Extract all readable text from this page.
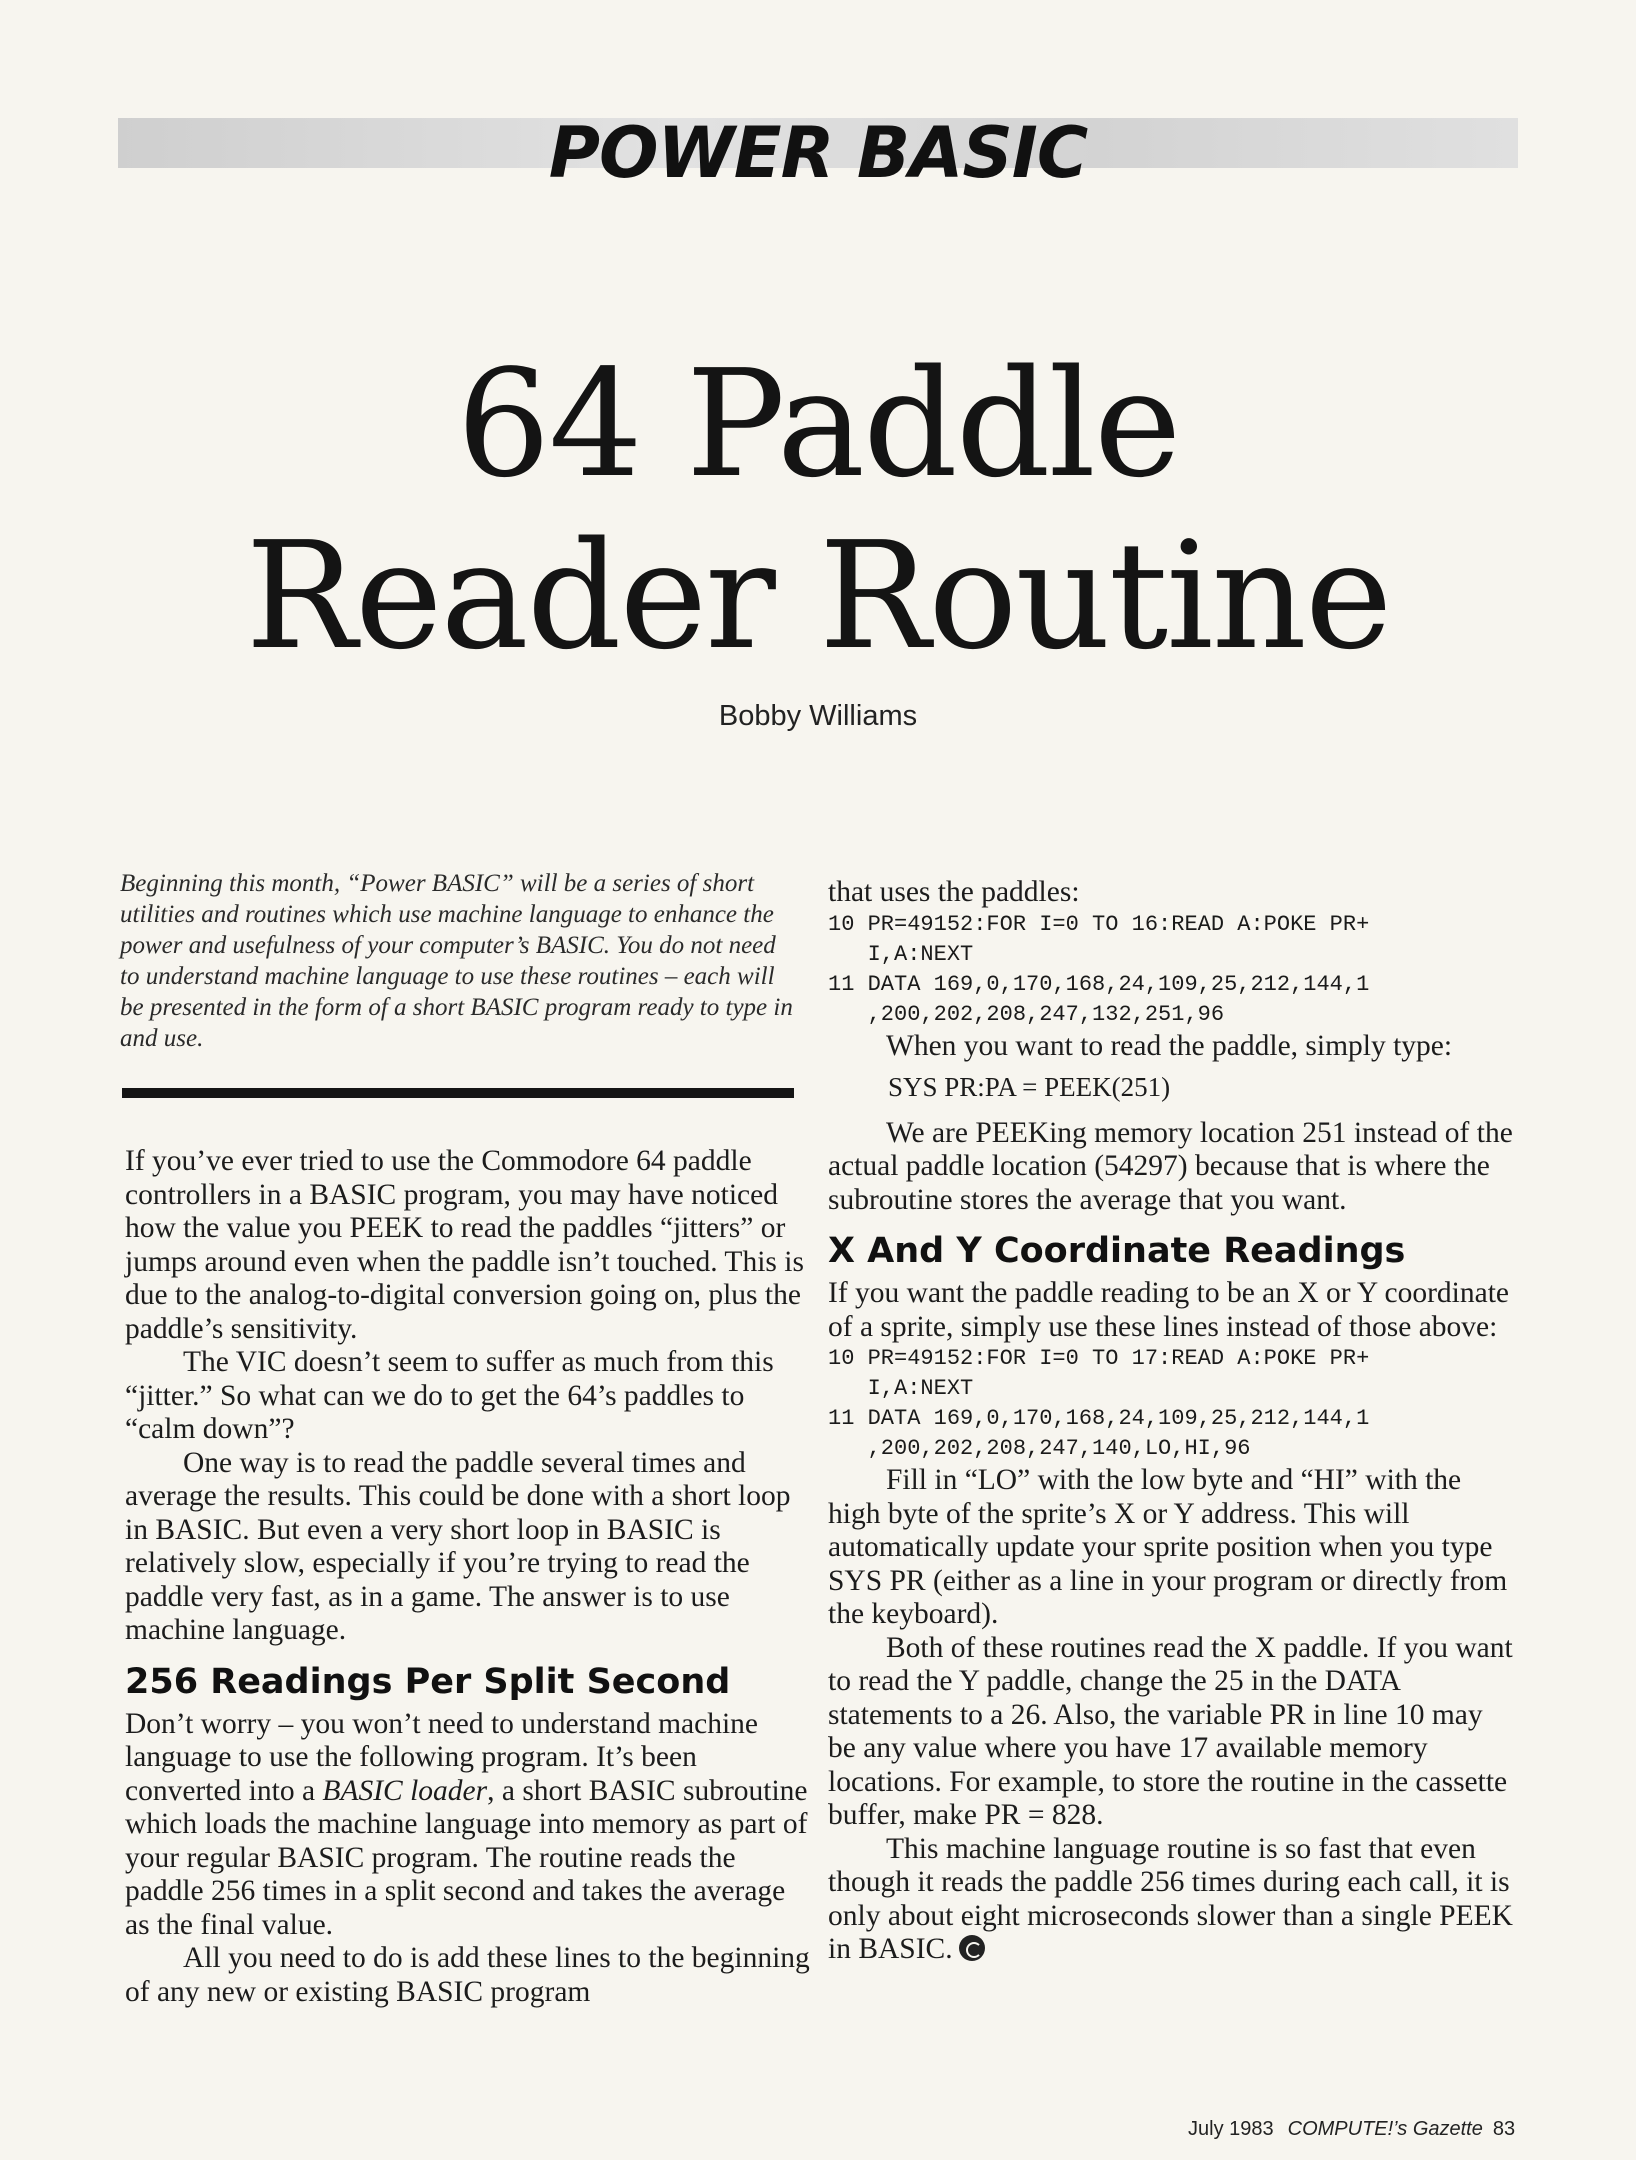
POWER BASIC
64 Paddle
Reader Routine
Bobby Williams
Beginning this month, “Power BASIC” will be a series of short utilities and routines which use machine language to enhance the power and usefulness of your computer’s BASIC. You do not need to understand machine language to use these routines – each will be presented in the form of a short BASIC program ready to type in and use.

If you’ve ever tried to use the Commodore 64 paddle controllers in a BASIC program, you may have noticed how the value you PEEK to read the paddles “jitters” or jumps around even when the paddle isn’t touched. This is due to the analog-to-digital conversion going on, plus the paddle’s sensitivity.

The VIC doesn’t seem to suffer as much from this “jitter.” So what can we do to get the 64’s paddles to “calm down”?

One way is to read the paddle several times and average the results. This could be done with a short loop in BASIC. But even a very short loop in BASIC is relatively slow, especially if you’re trying to read the paddle very fast, as in a game. The answer is to use machine language.

256 Readings Per Split Second

Don’t worry – you won’t need to understand machine language to use the following program. It’s been converted into a BASIC loader, a short BASIC subroutine which loads the machine language into memory as part of your regular BASIC program. The routine reads the paddle 256 times in a split second and takes the average as the final value.

All you need to do is add these lines to the beginning of any new or existing BASIC program

that uses the paddles:

10 PR=49152:FOR I=0 TO 16:READ A:POKE PR+
I,A:NEXT
11 DATA 169,0,170,168,24,109,25,212,144,1
,200,202,208,247,132,251,96

When you want to read the paddle, simply type:

SYS PR:PA = PEEK(251)

We are PEEKing memory location 251 instead of the actual paddle location (54297) because that is where the subroutine stores the average that you want.

X And Y Coordinate Readings

If you want the paddle reading to be an X or Y coordinate of a sprite, simply use these lines instead of those above:

10 PR=49152:FOR I=0 TO 17:READ A:POKE PR+
I,A:NEXT
11 DATA 169,0,170,168,24,109,25,212,144,1
,200,202,208,247,140,LO,HI,96

Fill in “LO” with the low byte and “HI” with the high byte of the sprite’s X or Y address. This will automatically update your sprite position when you type SYS PR (either as a line in your program or directly from the keyboard).

Both of these routines read the X paddle. If you want to read the Y paddle, change the 25 in the DATA statements to a 26. Also, the variable PR in line 10 may be any value where you have 17 available memory locations. For example, to store the routine in the cassette buffer, make PR = 828.

This machine language routine is so fast that even though it reads the paddle 256 times during each call, it is only about eight microseconds slower than a single PEEK in BASIC.

July 1983 COMPUTE!’s Gazette 83
